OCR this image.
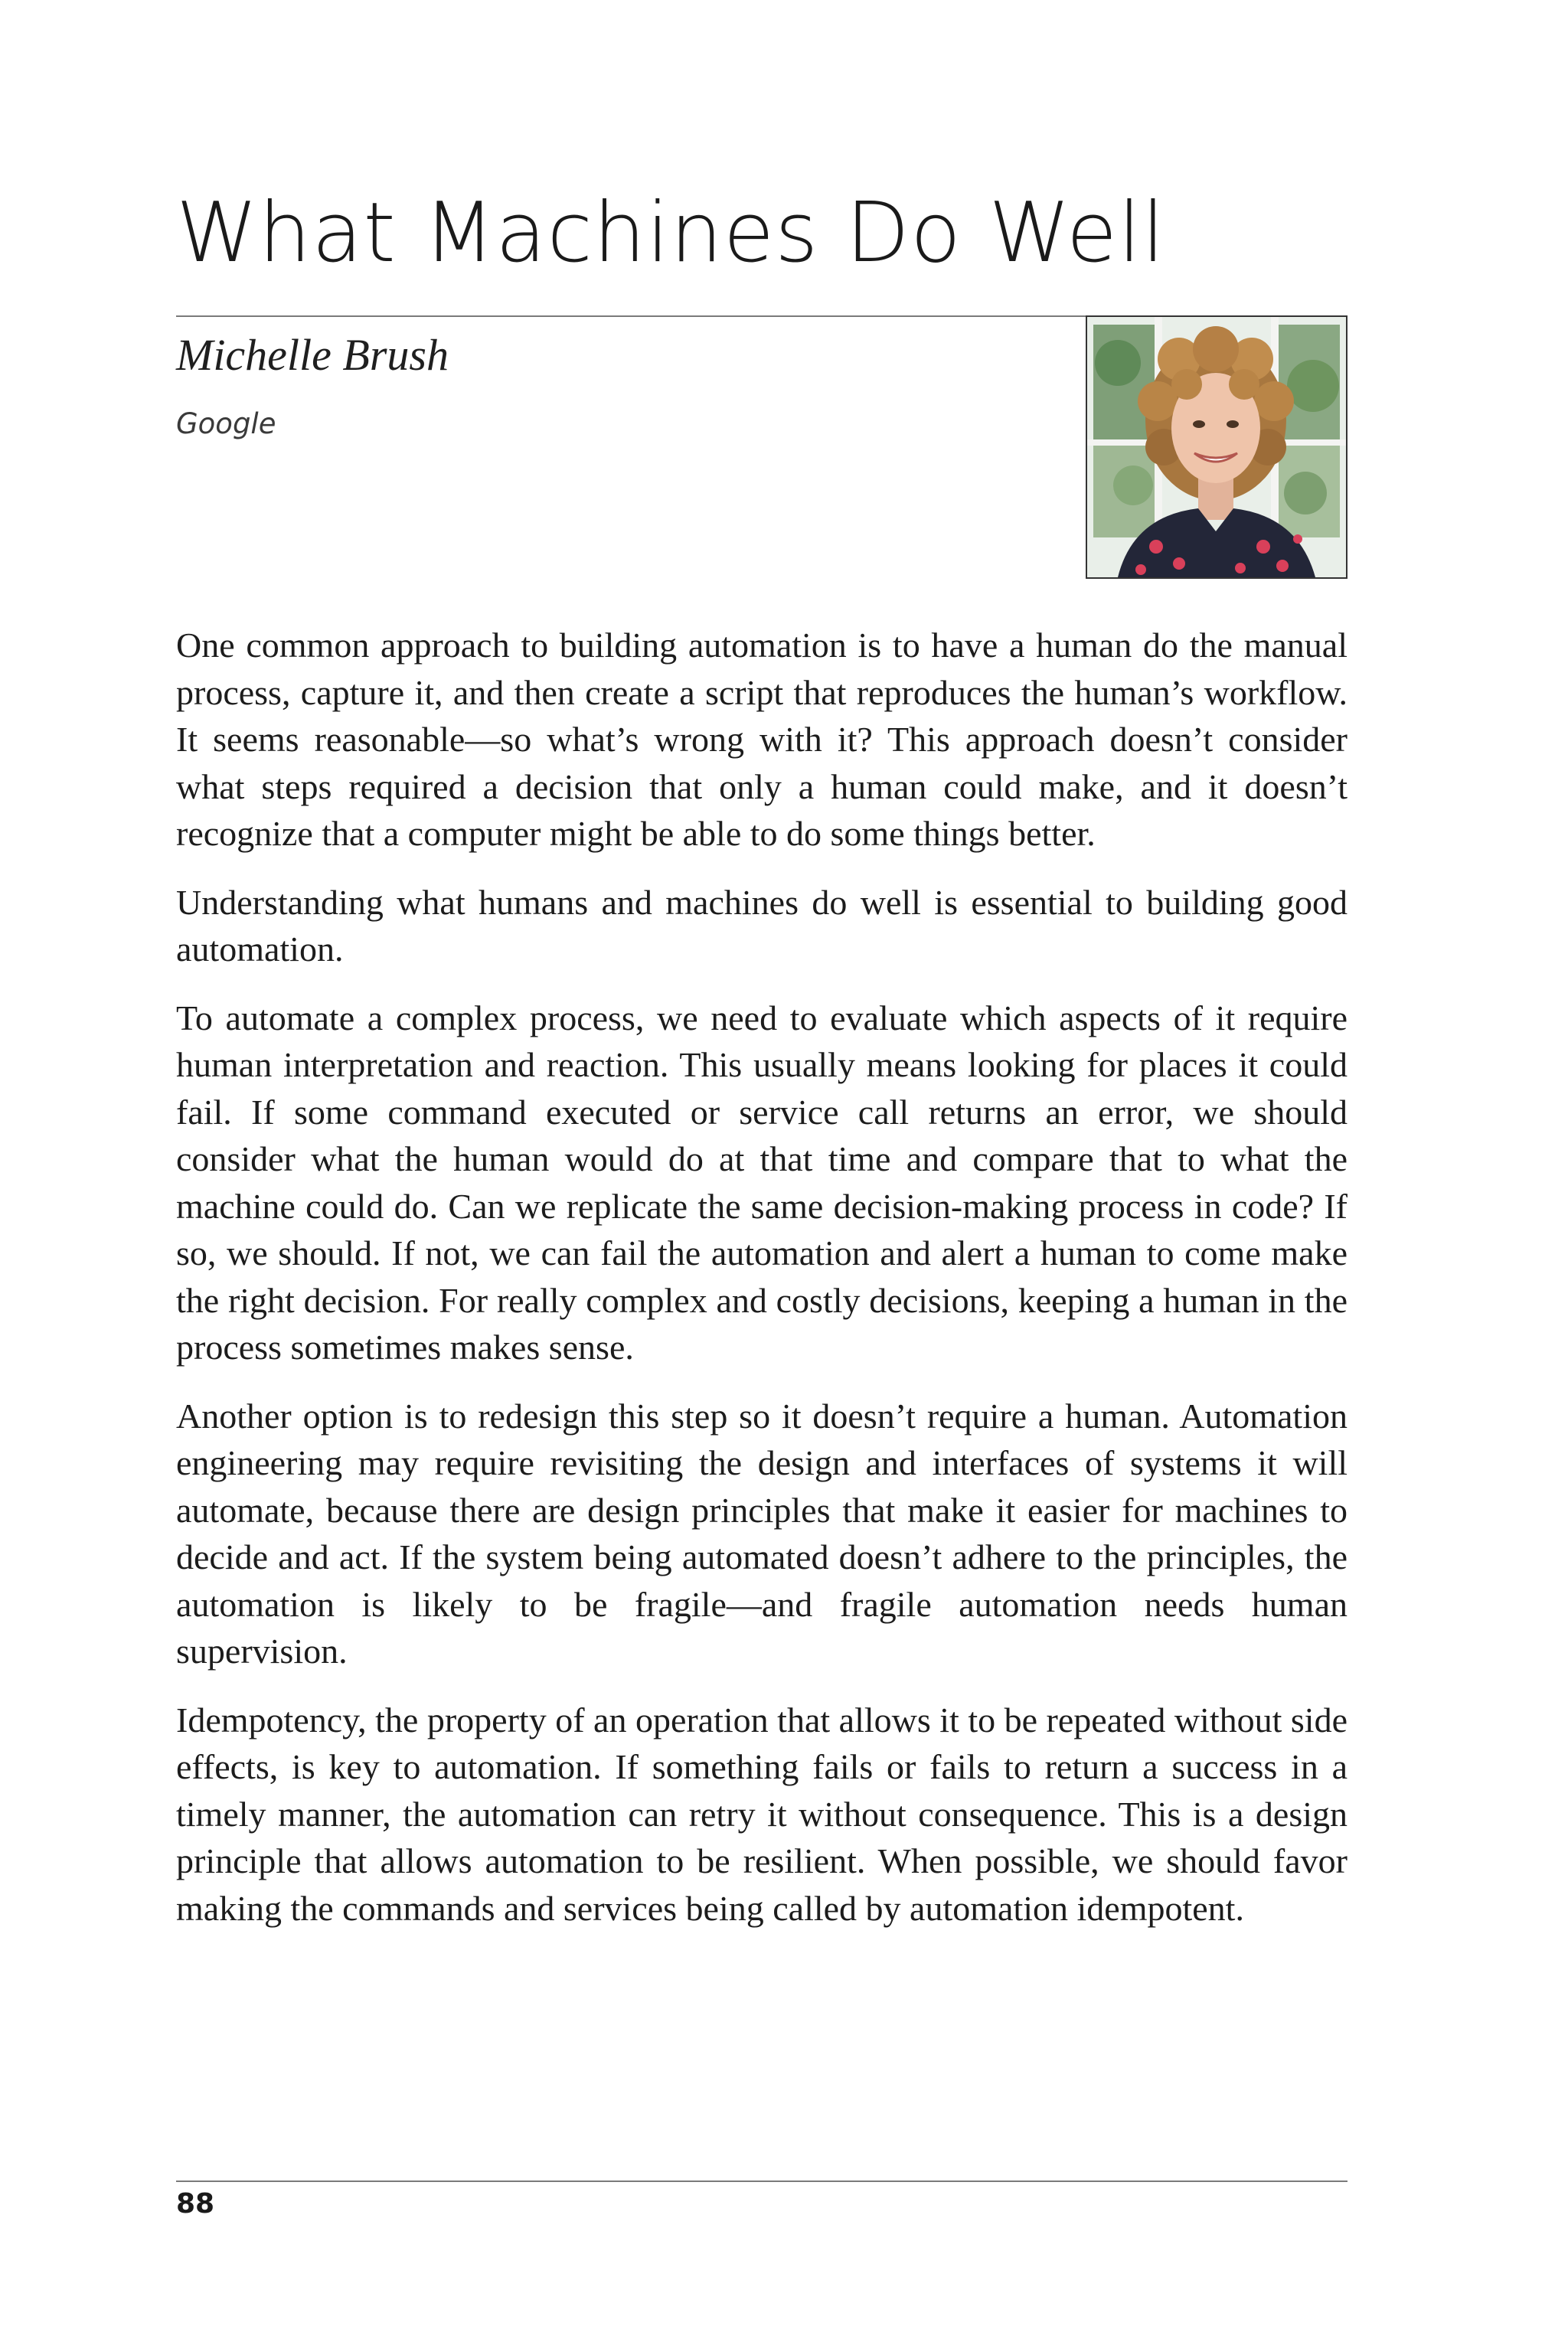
What Machines Do Well
Michelle Brush
Google

One common approach to building automation is to have a human do the manual process, capture it, and then create a script that reproduces the human’s workflow. It seems reasonable—so what’s wrong with it? This approach doesn’t consider what steps required a decision that only a human could make, and it doesn’t recognize that a computer might be able to do some things better.

Understanding what humans and machines do well is essential to building good automation.

To automate a complex process, we need to evaluate which aspects of it require human interpretation and reaction. This usually means looking for places it could fail. If some command executed or service call returns an error, we should consider what the human would do at that time and compare that to what the machine could do. Can we replicate the same decision-making process in code? If so, we should. If not, we can fail the automation and alert a human to come make the right decision. For really complex and costly decisions, keeping a human in the process sometimes makes sense.

Another option is to redesign this step so it doesn’t require a human. Automation engineering may require revisiting the design and interfaces of systems it will automate, because there are design principles that make it easier for machines to decide and act. If the system being automated doesn’t adhere to the principles, the automation is likely to be fragile—and fragile automation needs human supervision.

Idempotency, the property of an operation that allows it to be repeated without side effects, is key to automation. If something fails or fails to return a success in a timely manner, the automation can retry it without consequence. This is a design principle that allows automation to be resilient. When possible, we should favor making the commands and services being called by automation idempotent.

88
